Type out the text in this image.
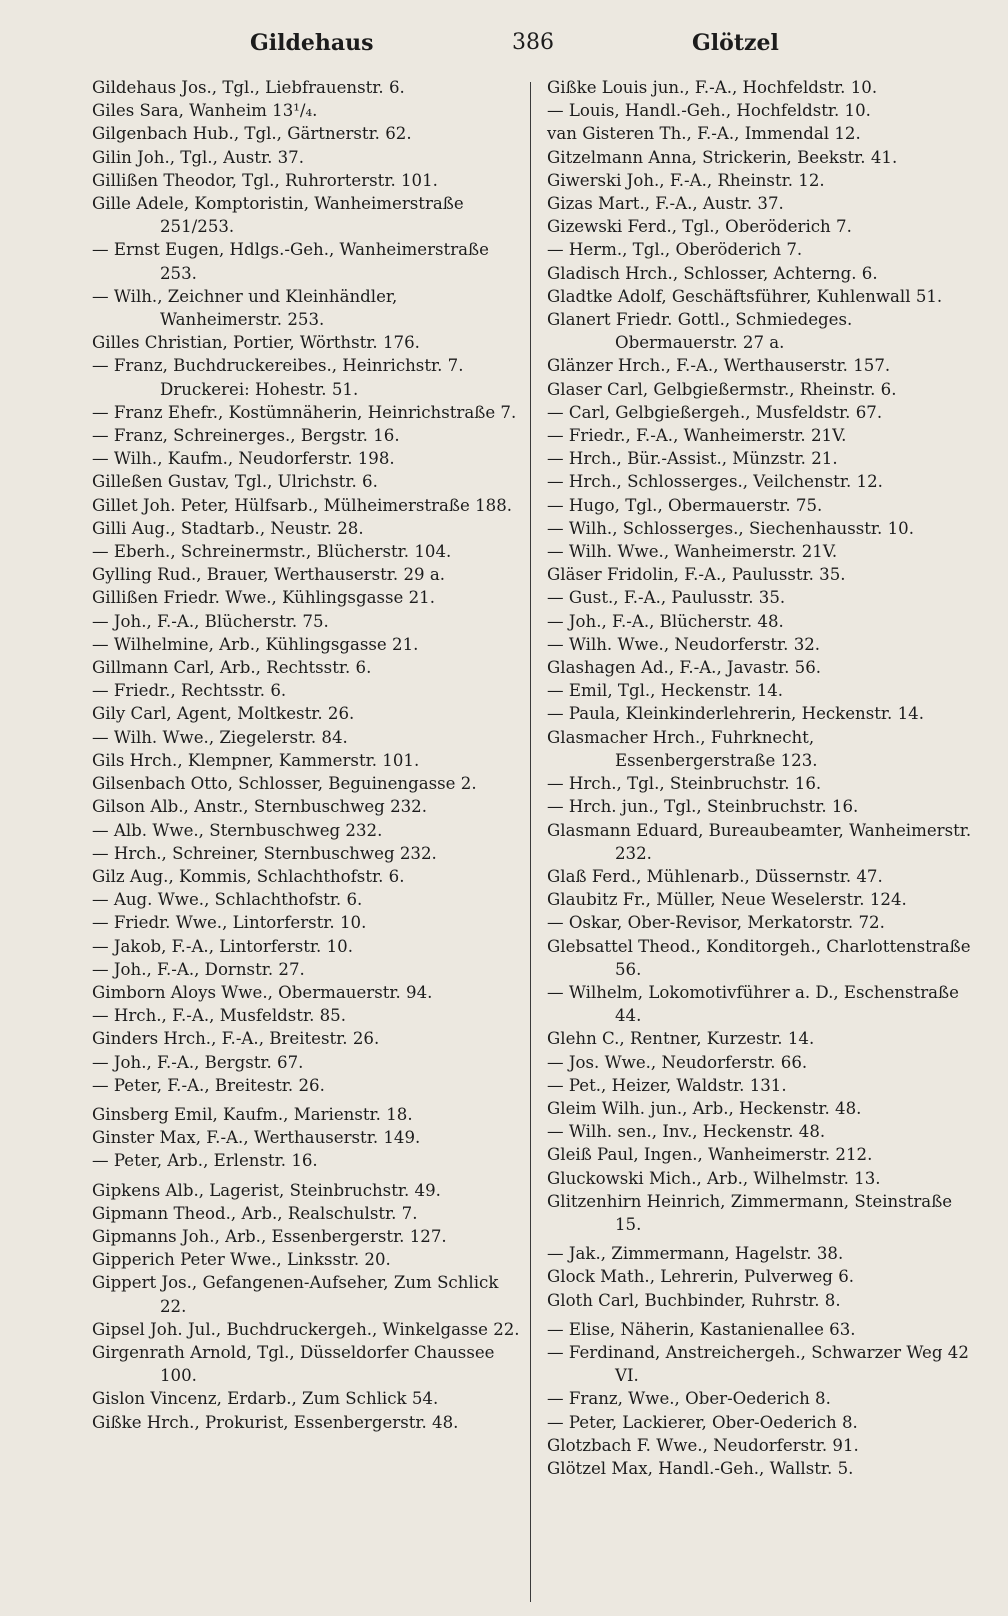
Gildehaus	386	Glötzel

Gildehaus Jos., Tgl., Liebfrauenstr. 6.

Giles Sara, Wanheim 13¹/₄.

Gilgenbach Hub., Tgl., Gärtnerstr. 62.

Gilin Joh., Tgl., Austr. 37.

Gillißen Theodor, Tgl., Ruhrorterstr. 101.

Gille Adele, Komptoristin, Wanheimerstraße 251/253.

— Ernst Eugen, Hdlgs.-Geh., Wanheimerstraße 253.

— Wilh., Zeichner und Kleinhändler, Wanheimerstr. 253.

Gilles Christian, Portier, Wörthstr. 176.

— Franz, Buchdruckereibes., Heinrichstr. 7. Druckerei: Hohestr. 51.

— Franz Ehefr., Kostümnäherin, Heinrichstraße 7.

— Franz, Schreinerges., Bergstr. 16.

— Wilh., Kaufm., Neudorferstr. 198.

Gilleßen Gustav, Tgl., Ulrichstr. 6.

Gillet Joh. Peter, Hülfsarb., Mülheimerstraße 188.

Gilli Aug., Stadtarb., Neustr. 28.

— Eberh., Schreinermstr., Blücherstr. 104.

Gylling Rud., Brauer, Werthauserstr. 29 a.

Gillißen Friedr. Wwe., Kühlingsgasse 21.

— Joh., F.-A., Blücherstr. 75.

— Wilhelmine, Arb., Kühlingsgasse 21.

Gillmann Carl, Arb., Rechtsstr. 6.

— Friedr., Rechtsstr. 6.

Gily Carl, Agent, Moltkestr. 26.

— Wilh. Wwe., Ziegelerstr. 84.

Gils Hrch., Klempner, Kammerstr. 101.

Gilsenbach Otto, Schlosser, Beguinengasse 2.

Gilson Alb., Anstr., Sternbuschweg 232.

— Alb. Wwe., Sternbuschweg 232.

— Hrch., Schreiner, Sternbuschweg 232.

Gilz Aug., Kommis, Schlachthofstr. 6.

— Aug. Wwe., Schlachthofstr. 6.

— Friedr. Wwe., Lintorferstr. 10.

— Jakob, F.-A., Lintorferstr. 10.

— Joh., F.-A., Dornstr. 27.

Gimborn Aloys Wwe., Obermauerstr. 94.

— Hrch., F.-A., Musfeldstr. 85.

Ginders Hrch., F.-A., Breitestr. 26.

— Joh., F.-A., Bergstr. 67.

— Peter, F.-A., Breitestr. 26.

Ginsberg Emil, Kaufm., Marienstr. 18.

Ginster Max, F.-A., Werthauserstr. 149.

— Peter, Arb., Erlenstr. 16.

Gipkens Alb., Lagerist, Steinbruchstr. 49.

Gipmann Theod., Arb., Realschulstr. 7.

Gipmanns Joh., Arb., Essenbergerstr. 127.

Gipperich Peter Wwe., Linksstr. 20.

Gippert Jos., Gefangenen-Aufseher, Zum Schlick 22.

Gipsel Joh. Jul., Buchdruckergeh., Winkelgasse 22.

Girgenrath Arnold, Tgl., Düsseldorfer Chaussee 100.

Gislon Vincenz, Erdarb., Zum Schlick 54.

Gißke Hrch., Prokurist, Essenbergerstr. 48.

Gißke Louis jun., F.-A., Hochfeldstr. 10.

— Louis, Handl.-Geh., Hochfeldstr. 10.

van Gisteren Th., F.-A., Immendal 12.

Gitzelmann Anna, Strickerin, Beekstr. 41.

Giwerski Joh., F.-A., Rheinstr. 12.

Gizas Mart., F.-A., Austr. 37.

Gizewski Ferd., Tgl., Oberöderich 7.

— Herm., Tgl., Oberöderich 7.

Gladisch Hrch., Schlosser, Achterng. 6.

Gladtke Adolf, Geschäftsführer, Kuhlenwall 51.

Glanert Friedr. Gottl., Schmiedeges. Obermauerstr. 27 a.

Glänzer Hrch., F.-A., Werthauserstr. 157.

Glaser Carl, Gelbgießermstr., Rheinstr. 6.

— Carl, Gelbgießergeh., Musfeldstr. 67.

— Friedr., F.-A., Wanheimerstr. 21V.

— Hrch., Bür.-Assist., Münzstr. 21.

— Hrch., Schlosserges., Veilchenstr. 12.

— Hugo, Tgl., Obermauerstr. 75.

— Wilh., Schlosserges., Siechenhausstr. 10.

— Wilh. Wwe., Wanheimerstr. 21V.

Gläser Fridolin, F.-A., Paulusstr. 35.

— Gust., F.-A., Paulusstr. 35.

— Joh., F.-A., Blücherstr. 48.

— Wilh. Wwe., Neudorferstr. 32.

Glashagen Ad., F.-A., Javastr. 56.

— Emil, Tgl., Heckenstr. 14.

— Paula, Kleinkinderlehrerin, Heckenstr. 14.

Glasmacher Hrch., Fuhrknecht, Essenbergerstraße 123.

— Hrch., Tgl., Steinbruchstr. 16.

— Hrch. jun., Tgl., Steinbruchstr. 16.

Glasmann Eduard, Bureaubeamter, Wanheimerstr. 232.

Glaß Ferd., Mühlenarb., Düssernstr. 47.

Glaubitz Fr., Müller, Neue Weselerstr. 124.

— Oskar, Ober-Revisor, Merkatorstr. 72.

Glebsattel Theod., Konditorgeh., Charlottenstraße 56.

— Wilhelm, Lokomotivführer a. D., Eschenstraße 44.

Glehn C., Rentner, Kurzestr. 14.

— Jos. Wwe., Neudorferstr. 66.

— Pet., Heizer, Waldstr. 131.

Gleim Wilh. jun., Arb., Heckenstr. 48.

— Wilh. sen., Inv., Heckenstr. 48.

Gleiß Paul, Ingen., Wanheimerstr. 212.

Gluckowski Mich., Arb., Wilhelmstr. 13.

Glitzenhirn Heinrich, Zimmermann, Steinstraße 15.

— Jak., Zimmermann, Hagelstr. 38.

Glock Math., Lehrerin, Pulverweg 6.

Gloth Carl, Buchbinder, Ruhrstr. 8.

— Elise, Näherin, Kastanienallee 63.

— Ferdinand, Anstreichergeh., Schwarzer Weg 42 VI.

— Franz, Wwe., Ober-Oederich 8.

— Peter, Lackierer, Ober-Oederich 8.

Glotzbach F. Wwe., Neudorferstr. 91.

Glötzel Max, Handl.-Geh., Wallstr. 5.
